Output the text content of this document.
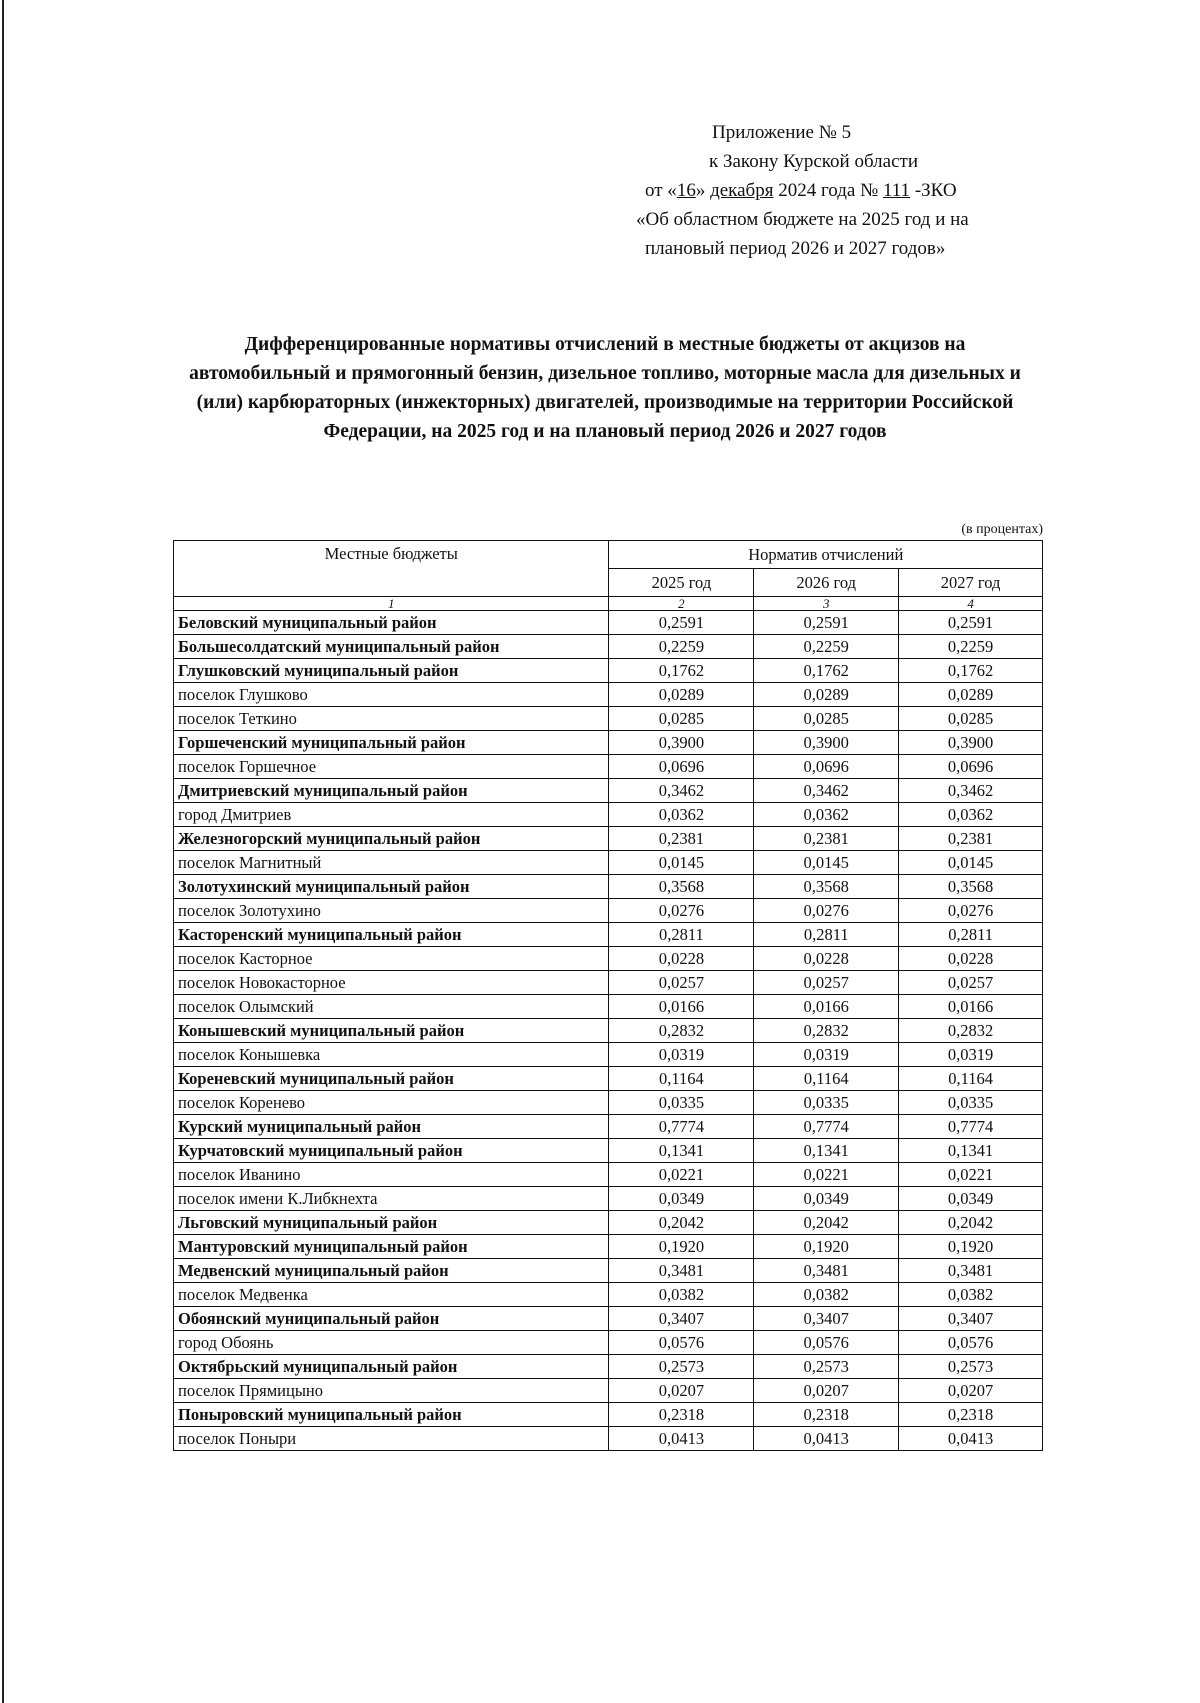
Приложение № 5
к Закону Курской области
от «16» декабря 2024 года № 111 -ЗКО
«Об областном бюджете на 2025 год и на
плановый период 2026 и 2027 годов»
Дифференцированные нормативы отчислений в местные бюджеты от акцизов на автомобильный и прямогонный бензин, дизельное топливо, моторные масла для дизельных и (или) карбюраторных (инжекторных) двигателей, производимые на территории Российской Федерации, на 2025 год и на плановый период 2026 и 2027 годов
(в процентах)
Местные бюджеты	Норматив отчислений		
	2025 год	2026 год	2027 год
1	2	3	4
Беловский муниципальный район	0,2591	0,2591	0,2591
Большесолдатский муниципальный район	0,2259	0,2259	0,2259
Глушковский муниципальный район	0,1762	0,1762	0,1762
поселок Глушково	0,0289	0,0289	0,0289
поселок Теткино	0,0285	0,0285	0,0285
Горшеченский муниципальный район	0,3900	0,3900	0,3900
поселок Горшечное	0,0696	0,0696	0,0696
Дмитриевский муниципальный район	0,3462	0,3462	0,3462
город Дмитриев	0,0362	0,0362	0,0362
Железногорский муниципальный район	0,2381	0,2381	0,2381
поселок Магнитный	0,0145	0,0145	0,0145
Золотухинский муниципальный район	0,3568	0,3568	0,3568
поселок Золотухино	0,0276	0,0276	0,0276
Касторенский муниципальный район	0,2811	0,2811	0,2811
поселок Касторное	0,0228	0,0228	0,0228
поселок Новокасторное	0,0257	0,0257	0,0257
поселок Олымский	0,0166	0,0166	0,0166
Конышевский муниципальный район	0,2832	0,2832	0,2832
поселок Конышевка	0,0319	0,0319	0,0319
Кореневский муниципальный район	0,1164	0,1164	0,1164
поселок Коренево	0,0335	0,0335	0,0335
Курский муниципальный район	0,7774	0,7774	0,7774
Курчатовский муниципальный район	0,1341	0,1341	0,1341
поселок Иванино	0,0221	0,0221	0,0221
поселок имени К.Либкнехта	0,0349	0,0349	0,0349
Льговский муниципальный район	0,2042	0,2042	0,2042
Мантуровский муниципальный район	0,1920	0,1920	0,1920
Медвенский муниципальный район	0,3481	0,3481	0,3481
поселок Медвенка	0,0382	0,0382	0,0382
Обоянский муниципальный район	0,3407	0,3407	0,3407
город Обоянь	0,0576	0,0576	0,0576
Октябрьский муниципальный район	0,2573	0,2573	0,2573
поселок Прямицыно	0,0207	0,0207	0,0207
Поныровский муниципальный район	0,2318	0,2318	0,2318
поселок Поныри	0,0413	0,0413	0,0413
